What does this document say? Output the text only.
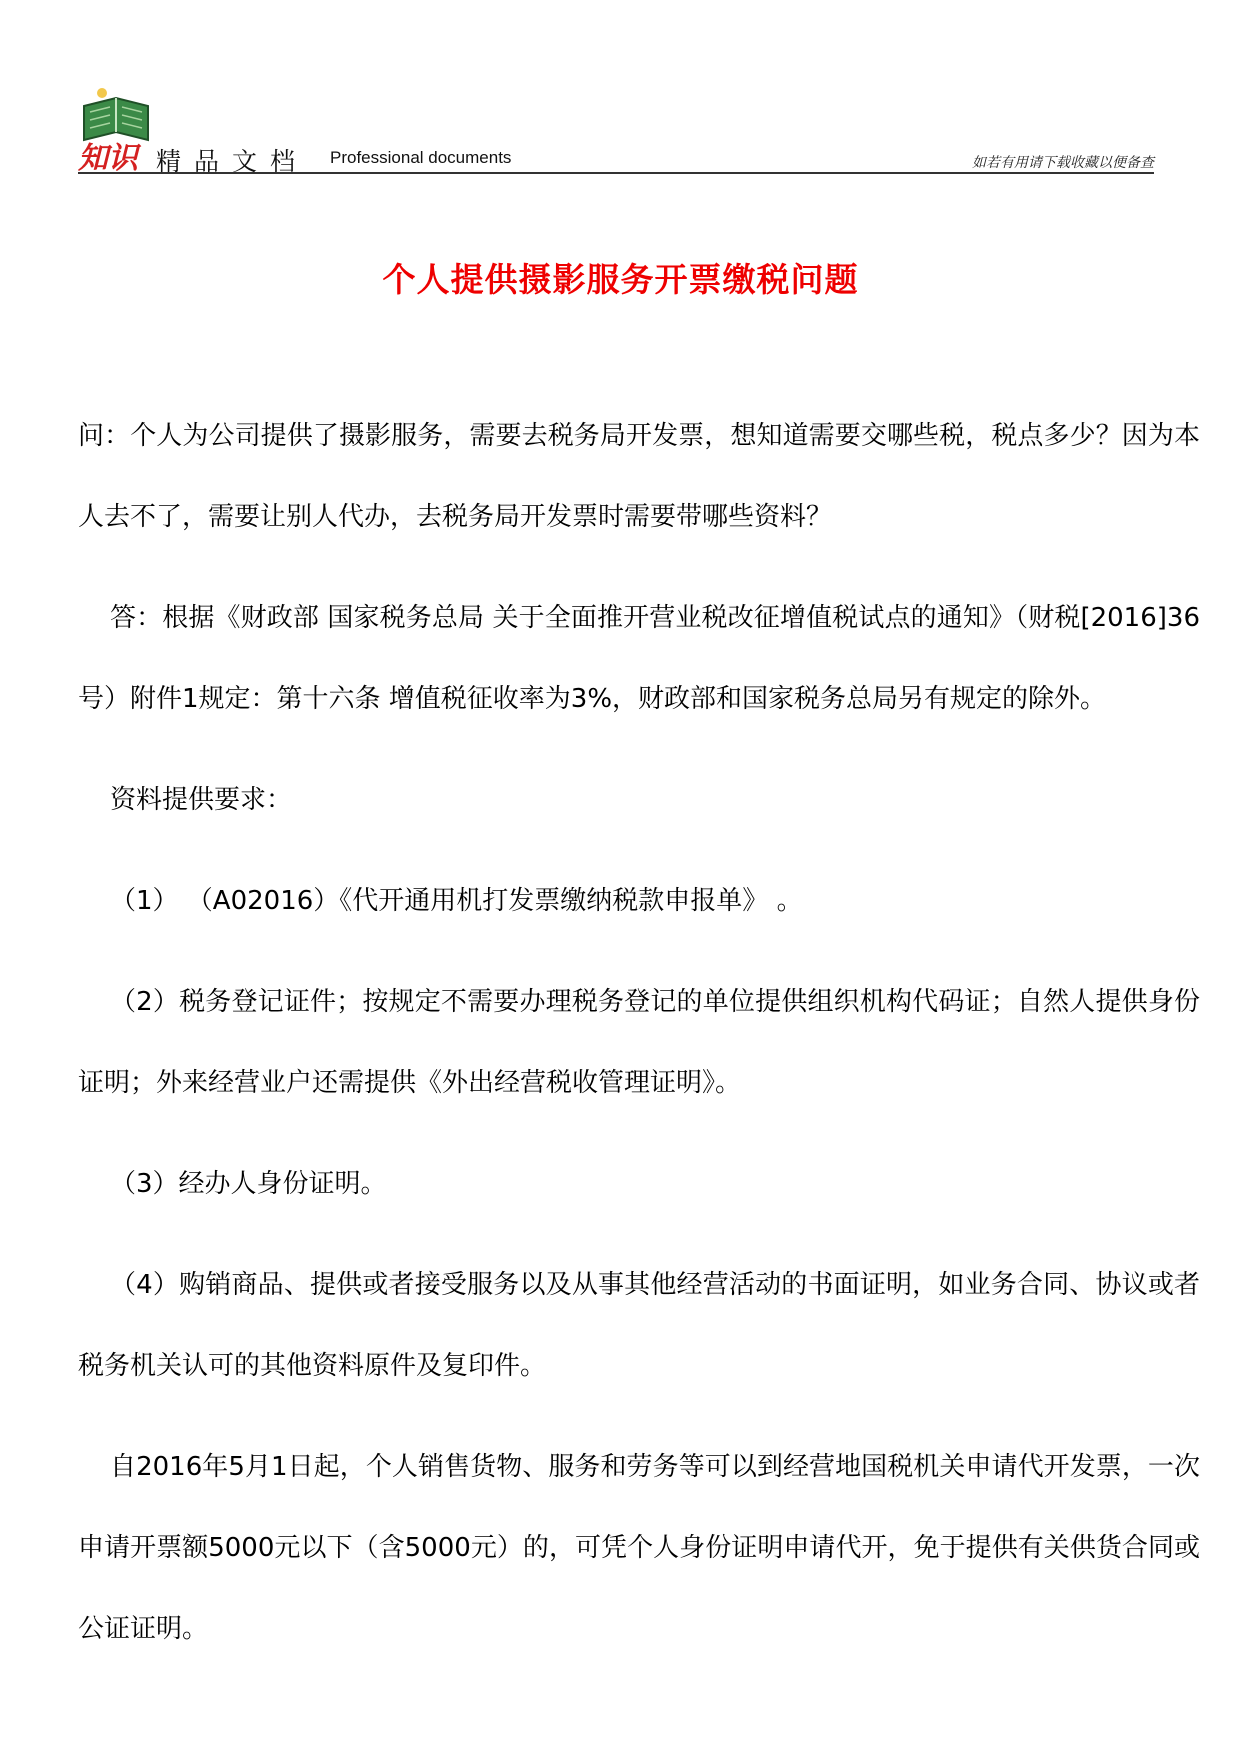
知识 精品文档 Professional documents	如若有用请下载收藏以便备查
个人提供摄影服务开票缴税问题

问：个人为公司提供了摄影服务，需要去税务局开发票，想知道需要交哪些税，税点多少？因为本人去不了，需要让别人代办，去税务局开发票时需要带哪些资料？

答：根据《财政部 国家税务总局 关于全面推开营业税改征增值税试点的通知》（财税[2016]36号）附件1规定：第十六条 增值税征收率为3%，财政部和国家税务总局另有规定的除外。

资料提供要求：

（1） （A02016）《代开通用机打发票缴纳税款申报单》 。

（2）税务登记证件；按规定不需要办理税务登记的单位提供组织机构代码证；自然人提供身份证明；外来经营业户还需提供《外出经营税收管理证明》。

（3）经办人身份证明。

（4）购销商品、提供或者接受服务以及从事其他经营活动的书面证明，如业务合同、协议或者税务机关认可的其他资料原件及复印件。

自2016年5月1日起，个人销售货物、服务和劳务等可以到经营地国税机关申请代开发票，一次申请开票额5000元以下（含5000元）的，可凭个人身份证明申请代开，免于提供有关供货合同或公证证明。
